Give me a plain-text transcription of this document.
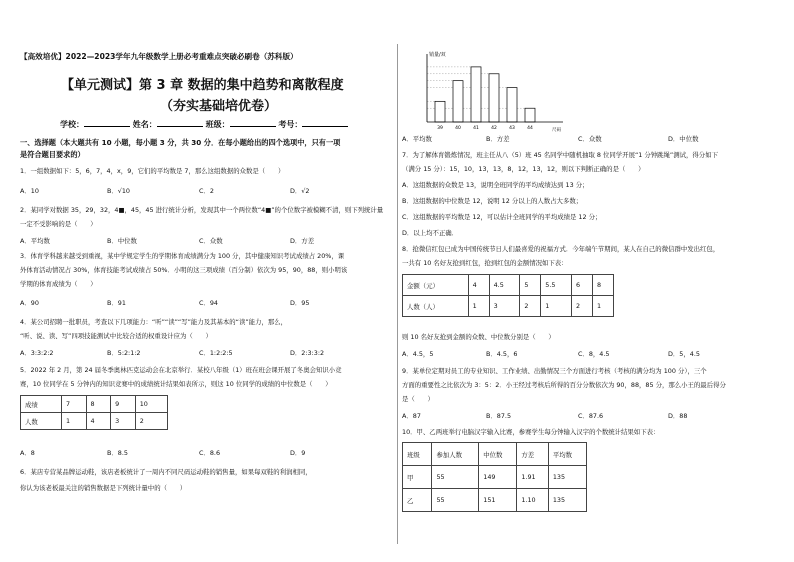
【高效培优】2022—2023学年九年级数学上册必考重难点突破必刷卷（苏科版）
【单元测试】第 3 章 数据的集中趋势和离散程度
（夯实基础培优卷）
学校：	姓名：	班级：	考号：
一、选择题（本大题共有 10 小题，每小题 3 分，共 30 分．在每小题给出的四个选项中，只有一项
是符合题目要求的）
1．一组数据如下：5，6，7，4，x，9，它们的平均数是 7，那么这组数据的众数是（　　）
A．10	B．√10	C．2	D．√2
2．某同学对数据 35，29，32，4■，45，45 进行统计分析，发现其中一个两位数“4■”的个位数字被模糊不清，则下列统计量
一定不受影响的是（　　）
A．平均数	B．中位数	C．众数	D．方差
3．体育学科越来越受到重视，某中学规定学生的学期体育成绩满分为 100 分，其中健康知识考试成绩占 20%，课
外体育活动情况占 30%，体育技能考试成绩占 50%．小明的这三项成绩（百分制）依次为 95，90，88，则小明该
学期的体育成绩为（　　）
A．90	B．91	C．94	D．95
4．某公司招聘一批职员，考查以下几项能力：“听”“读”“写”能力及其基本的“读”能力，那么，
“听、说、读、写”四项技能测试中比较合适的权重设计应为（　　）
A．3:3:2:2	B．5:2:1:2	C．1:2:2:5	D．2:3:3:2
5．2022 年 2 月，第 24 届冬季奥林匹克运动会在北京举行．某校八年级（1）班在班会课开展了冬奥会知识小竞
赛，10 位同学在 5 分钟内的知识竞赛中的成绩统计结果如表所示，则这 10 位同学的成绩的中位数是（　　）
成绩	7	8	9	10
人数	1	4	3	2
A．8	B．8.5	C．8.6	D．9
6．某店专营某品牌运动鞋，该店老板统计了一周内不同尺码运动鞋的销售量，如果每双鞋的利润相同，
你认为该老板最关注的销售数据是下列统计量中的（　　）
销量/双
尺码
39	40	41	42	43	44
A．平均数	B．方差	C．众数	D．中位数
7．为了解体育锻炼情况，班主任从八（5）班 45 名同学中随机抽取 8 位同学开展“1 分钟跳绳”测试，得分如下
（满分 15 分）：15，10，13，13，8，12，13，12，则以下判断正确的是（　　）
A．这组数据的众数是 13，说明全班同学的平均成绩达到 13 分；
B．这组数据的中位数是 12，说明 12 分以上的人数占大多数；
C．这组数据的平均数是 12，可以估计全班同学的平均成绩是 12 分；
D．以上均不正确．
8．抢微信红包已成为中国传统节日人们最喜爱的祝福方式．今年端午节期间，某人在自己的微信群中发出红包，
一共有 10 名好友抢到红包，抢到红包的金额情况如下表：
金额（元）	4	4.5	5	5.5	6	8
人数（人）	1	3	2	1	2	1
则 10 名好友抢到金额的众数、中位数分别是（　　）
A．4.5，5	B．4.5，6	C．8，4.5	D．5，4.5
9．某单位定期对员工的专业知识、工作业绩、出勤情况三个方面进行考核（考核的满分均为 100 分），三个
方面的重要性之比依次为 3：5：2．小王经过考核后所得的百分分数依次为 90，88，85 分，那么小王的最后得分
是（　　）
A．87	B．87.5	C．87.6	D．88
10．甲、乙两班举行电脑汉字输入比赛，参赛学生每分钟输入汉字的个数统计结果如下表：
班级	参加人数	中位数	方差	平均数
甲	55	149	1.91	135
乙	55	151	1.10	135
